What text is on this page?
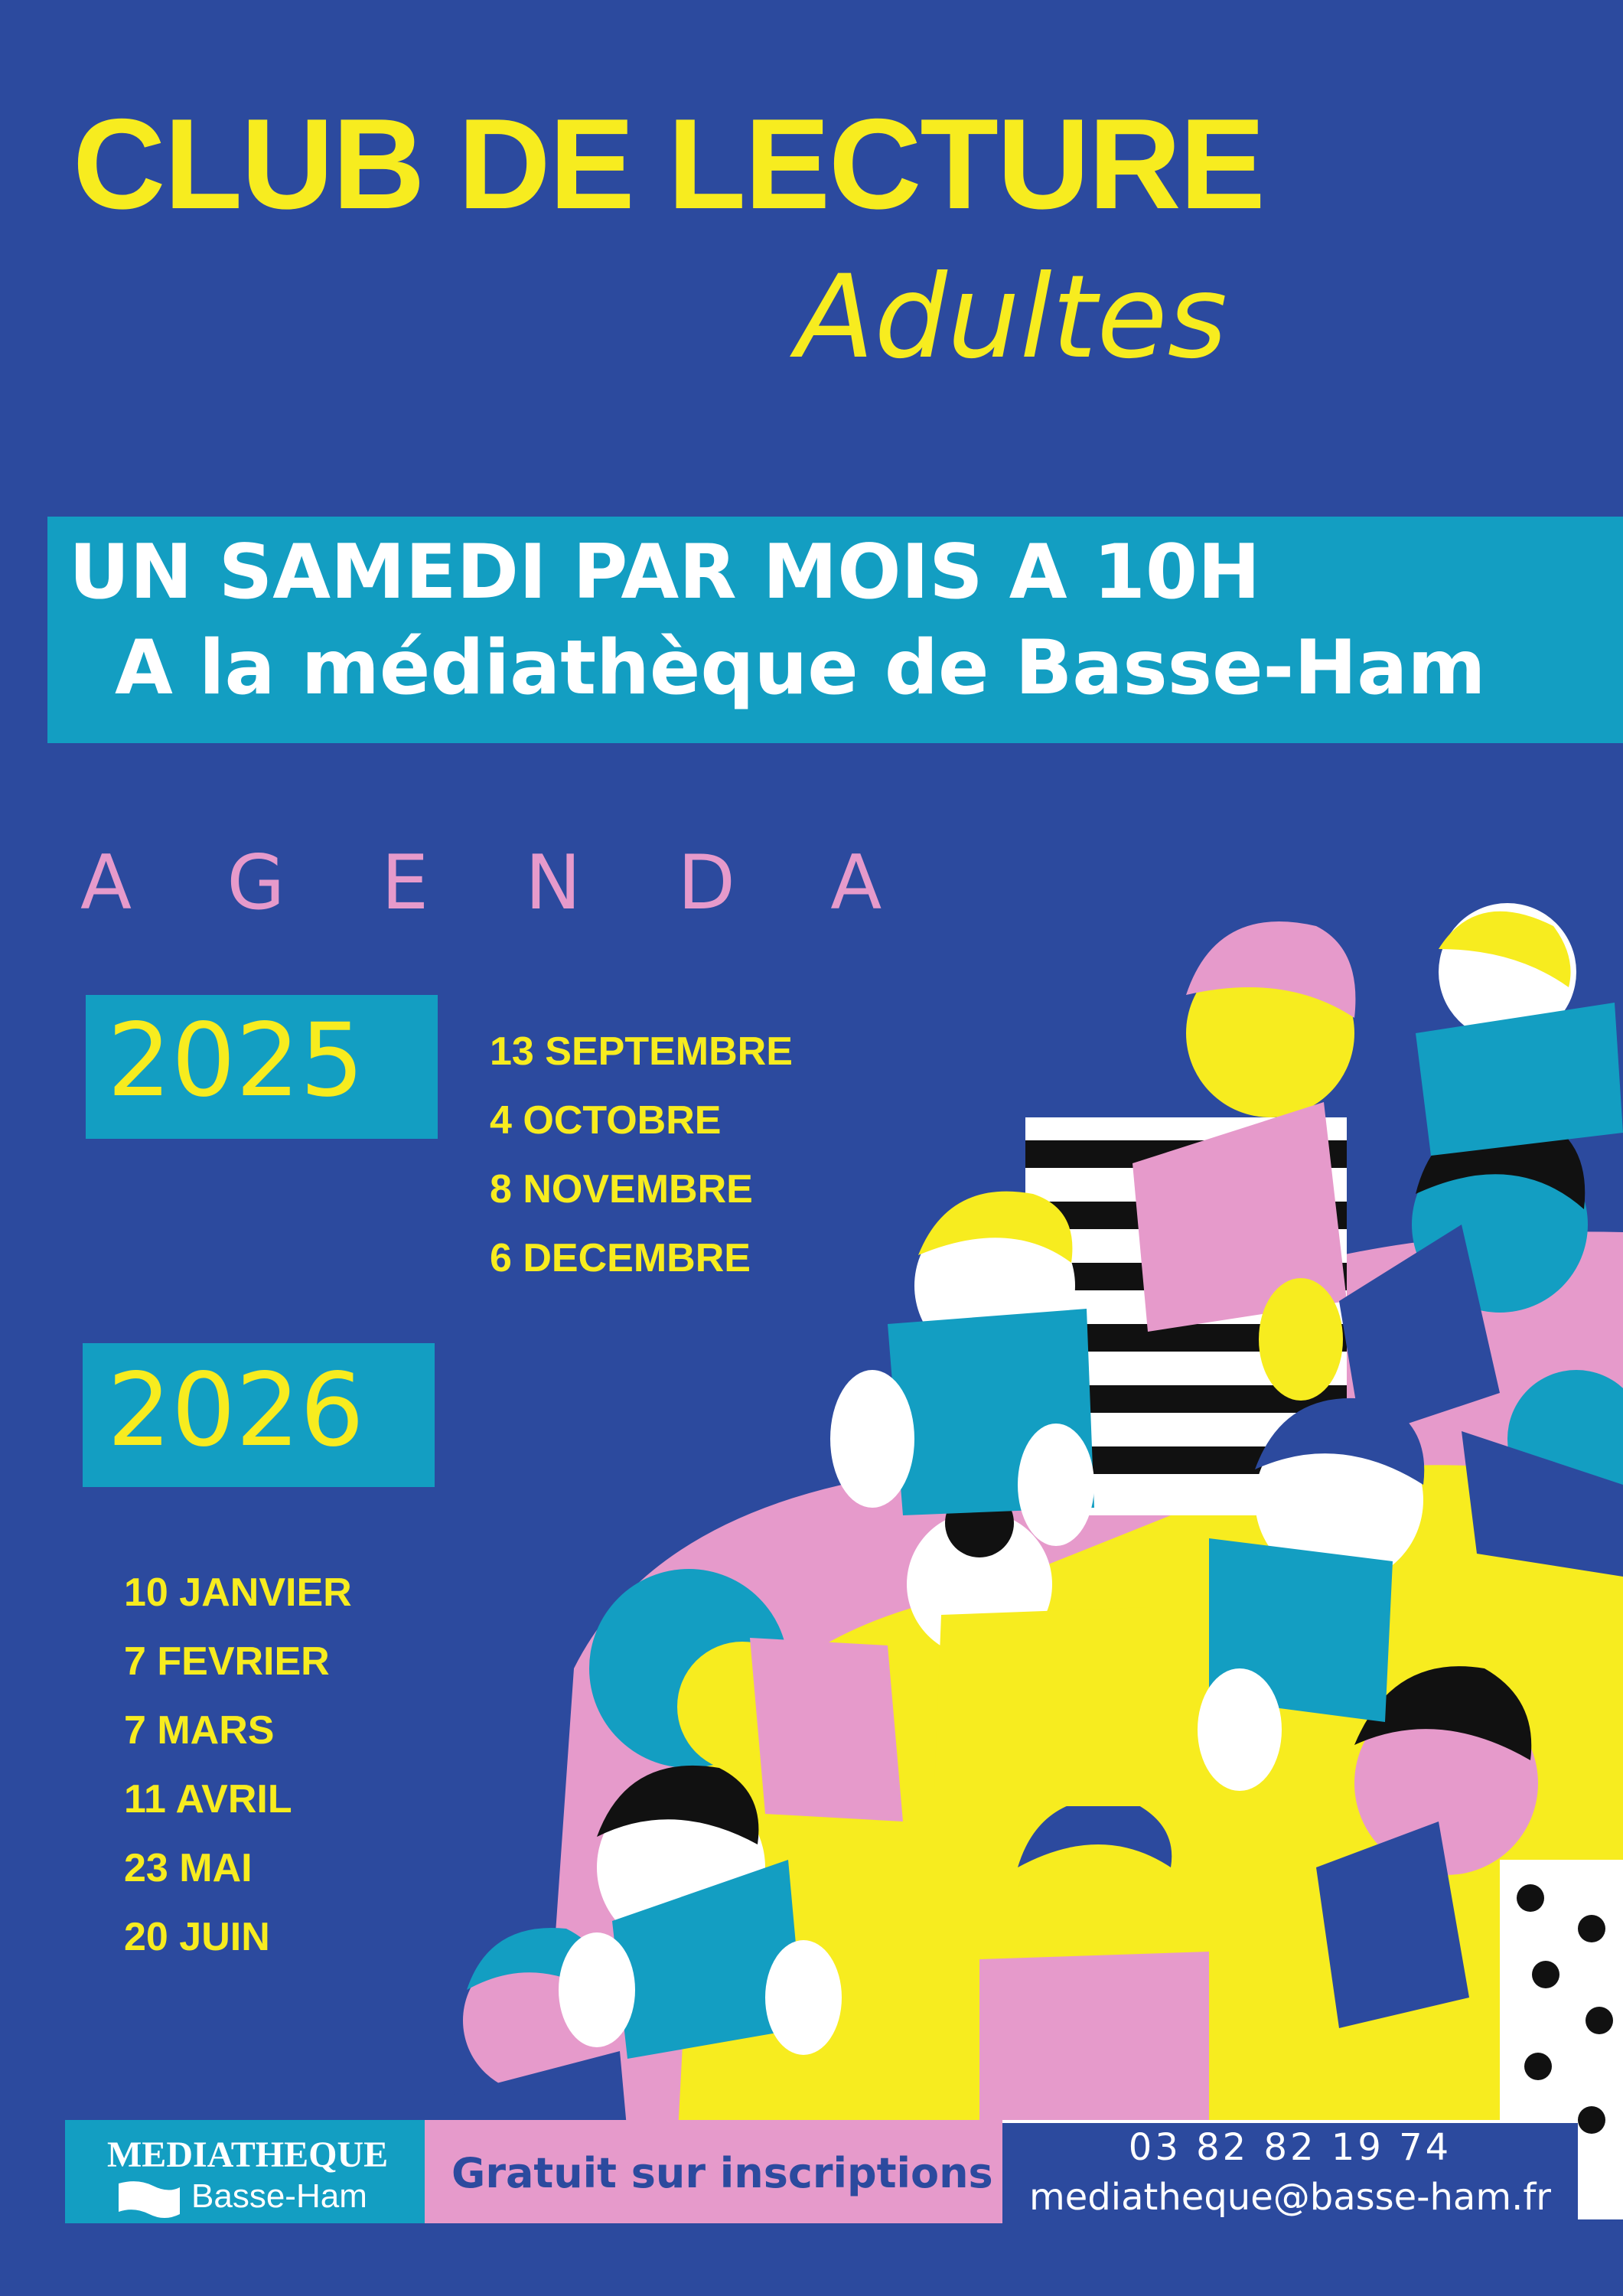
CLUB DE LECTURE
Adultes
UN SAMEDI PAR MOIS A 10H
A la médiathèque de Basse-Ham
AGENDA
2025	13 SEPTEMBRE
4 OCTOBRE
8 NOVEMBRE
6 DECEMBRE
2026
10 JANVIER
7 FEVRIER
7 MARS
11 AVRIL
23 MAI
20 JUIN
MEDIATHEQUE
Basse-Ham Gratuit sur inscriptions
03 82 82 19 74
mediatheque@basse-ham.fr
